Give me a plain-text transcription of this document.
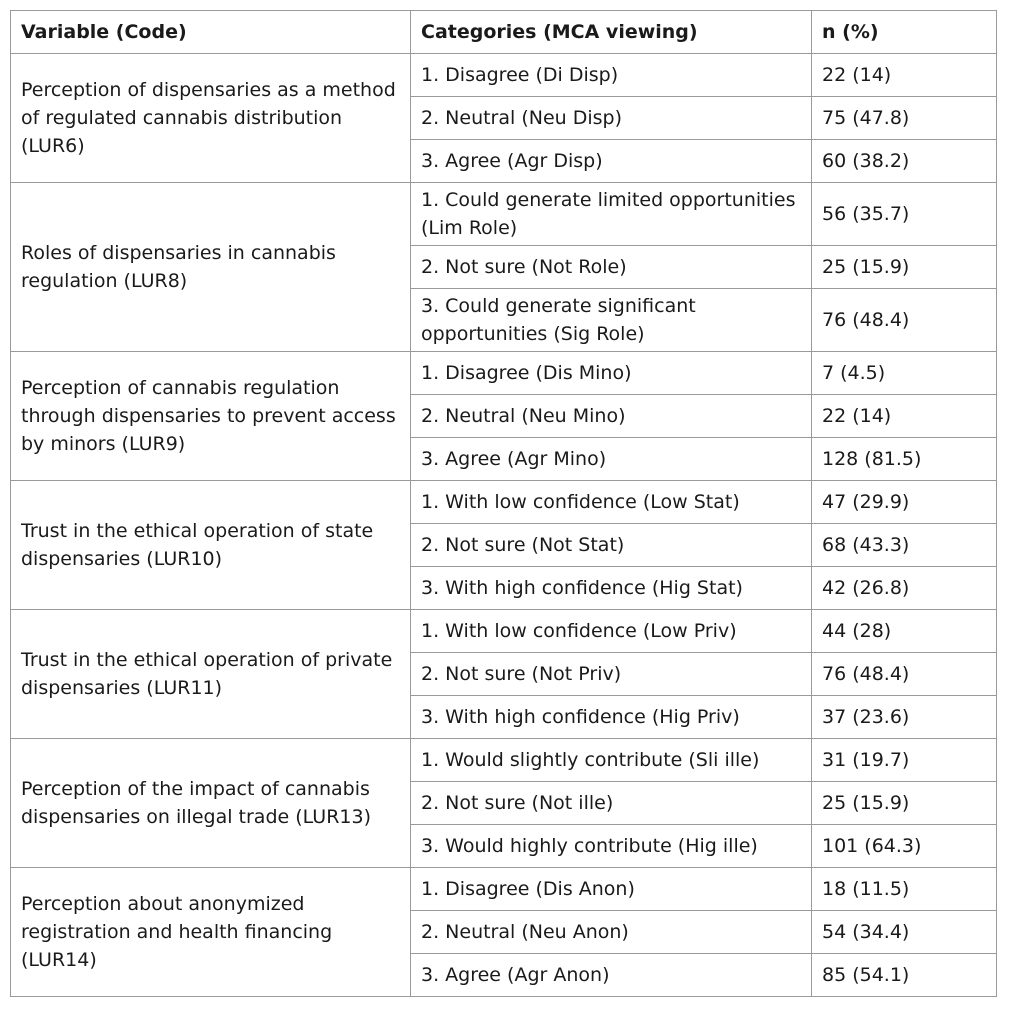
Variable (Code)	Categories (MCA viewing)	n (%)
Perception of dispensaries as a method of regulated cannabis distribution (LUR6)	1. Disagree (Di Disp)	22 (14)
	2. Neutral (Neu Disp)	75 (47.8)
	3. Agree (Agr Disp)	60 (38.2)
Roles of dispensaries in cannabis regulation (LUR8)	1. Could generate limited opportunities (Lim Role)	56 (35.7)
	2. Not sure (Not Role)	25 (15.9)
	3. Could generate significant opportunities (Sig Role)	76 (48.4)
Perception of cannabis regulation through dispensaries to prevent access by minors (LUR9)	1. Disagree (Dis Mino)	7 (4.5)
	2. Neutral (Neu Mino)	22 (14)
	3. Agree (Agr Mino)	128 (81.5)
Trust in the ethical operation of state dispensaries (LUR10)	1. With low confidence (Low Stat)	47 (29.9)
	2. Not sure (Not Stat)	68 (43.3)
	3. With high confidence (Hig Stat)	42 (26.8)
Trust in the ethical operation of private dispensaries (LUR11)	1. With low confidence (Low Priv)	44 (28)
	2. Not sure (Not Priv)	76 (48.4)
	3. With high confidence (Hig Priv)	37 (23.6)
Perception of the impact of cannabis dispensaries on illegal trade (LUR13)	1. Would slightly contribute (Sli ille)	31 (19.7)
	2. Not sure (Not ille)	25 (15.9)
	3. Would highly contribute (Hig ille)	101 (64.3)
Perception about anonymized registration and health financing (LUR14)	1. Disagree (Dis Anon)	18 (11.5)
	2. Neutral (Neu Anon)	54 (34.4)
	3. Agree (Agr Anon)	85 (54.1)
